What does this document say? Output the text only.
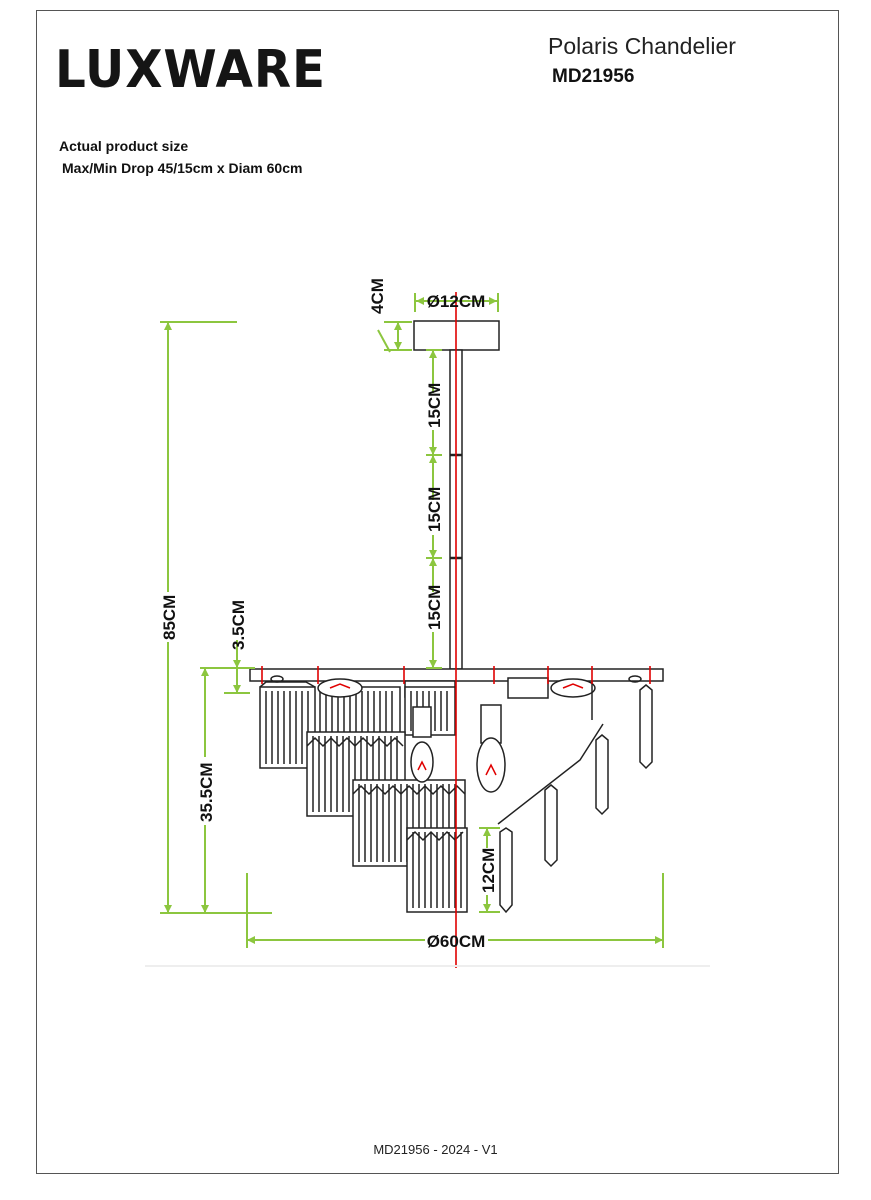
LUXWARE	Polaris Chandelier
MD21956
Actual product size
Max/Min Drop 45/15cm x Diam 60cm
Ø12CM
4CM
15CM
15CM
15CM
85CM	3.5CM
35.5CM
12CM
Ø60CM
MD21956 - 2024 - V1
